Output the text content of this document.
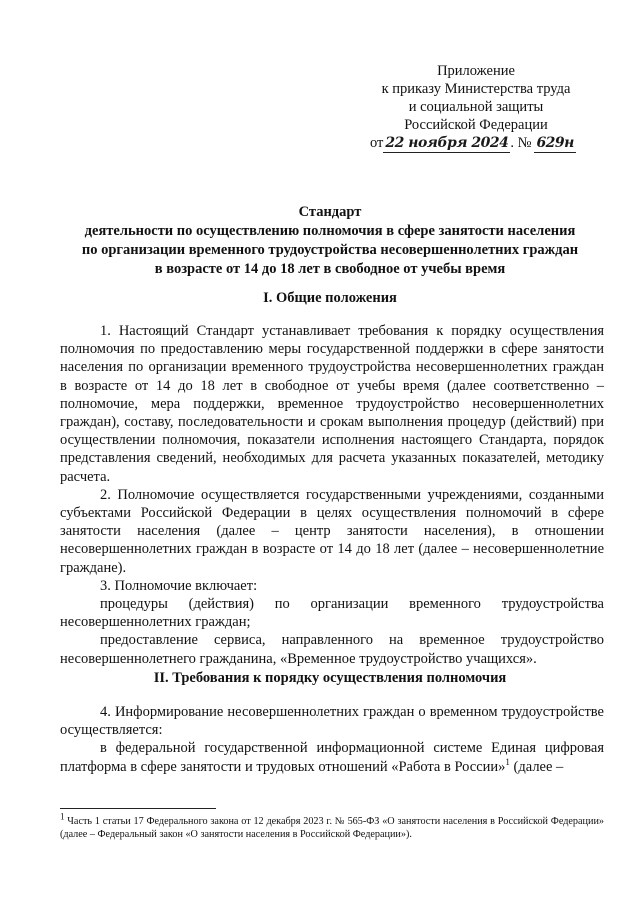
Приложение
к приказу Министерства труда
и социальной защиты
Российской Федерации
от 22 ноября 2024 . № 629н
Стандарт
деятельности по осуществлению полномочия в сфере занятости населения
по организации временного трудоустройства несовершеннолетних граждан
в возрасте от 14 до 18 лет в свободное от учебы время
I. Общие положения

1. Настоящий Стандарт устанавливает требования к порядку осуществления полномочия по предоставлению меры государственной поддержки в сфере занятости населения по организации временного трудоустройства несовершеннолетних граждан в возрасте от 14 до 18 лет в свободное от учебы время (далее соответственно – полномочие, мера поддержки, временное трудоустройство несовершеннолетних граждан), составу, последовательности и срокам выполнения процедур (действий) при осуществлении полномочия, показатели исполнения настоящего Стандарта, порядок представления сведений, необходимых для расчета указанных показателей, методику расчета.

2. Полномочие осуществляется государственными учреждениями, созданными субъектами Российской Федерации в целях осуществления полномочий в сфере занятости населения (далее – центр занятости населения), в отношении несовершеннолетних граждан в возрасте от 14 до 18 лет (далее – несовершеннолетние граждане).

3. Полномочие включает:

процедуры (действия) по организации временного трудоустройства несовершеннолетних граждан;

предоставление сервиса, направленного на временное трудоустройство несовершеннолетнего гражданина, «Временное трудоустройство учащихся».

II. Требования к порядку осуществления полномочия

4. Информирование несовершеннолетних граждан о временном трудоустройстве осуществляется:

в федеральной государственной информационной системе Единая цифровая платформа в сфере занятости и трудовых отношений «Работа в России»$^1$ (далее –

$^1$ Часть 1 статьи 17 Федерального закона от 12 декабря 2023 г. № 565-ФЗ «О занятости населения в Российской Федерации» (далее – Федеральный закон «О занятости населения в Российской Федерации»).
